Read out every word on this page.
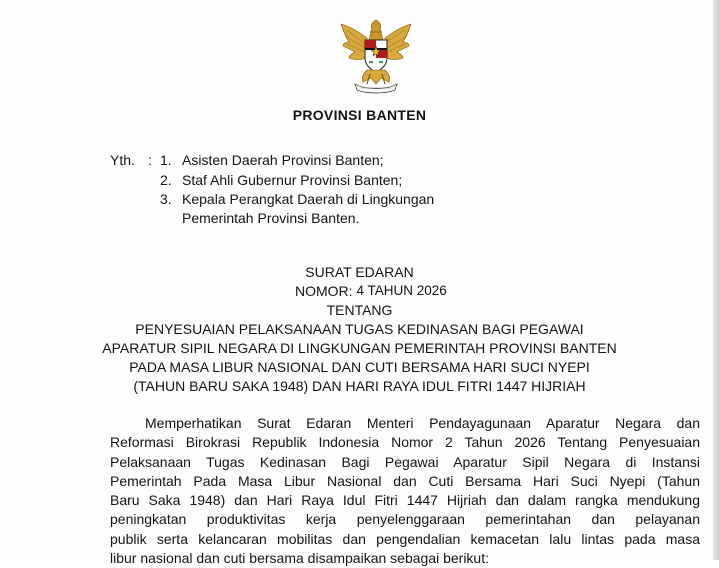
PROVINSI BANTEN
Yth. : 1. Asisten Daerah Provinsi Banten;
2. Staf Ahli Gubernur Provinsi Banten;
3. Kepala Perangkat Daerah di Lingkungan
Pemerintah Provinsi Banten.
SURAT EDARAN
NOMOR: 4 TAHUN 2026
TENTANG
PENYESUAIAN PELAKSANAAN TUGAS KEDINASAN BAGI PEGAWAI
APARATUR SIPIL NEGARA DI LINGKUNGAN PEMERINTAH PROVINSI BANTEN
PADA MASA LIBUR NASIONAL DAN CUTI BERSAMA HARI SUCI NYEPI
(TAHUN BARU SAKA 1948) DAN HARI RAYA IDUL FITRI 1447 HIJRIAH
Memperhatikan Surat Edaran Menteri Pendayagunaan Aparatur Negara dan
Reformasi Birokrasi Republik Indonesia Nomor 2 Tahun 2026 Tentang Penyesuaian
Pelaksanaan Tugas Kedinasan Bagi Pegawai Aparatur Sipil Negara di Instansi
Pemerintah Pada Masa Libur Nasional dan Cuti Bersama Hari Suci Nyepi (Tahun
Baru Saka 1948) dan Hari Raya Idul Fitri 1447 Hijriah dan dalam rangka mendukung
peningkatan produktivitas kerja penyelenggaraan pemerintahan dan pelayanan
publik serta kelancaran mobilitas dan pengendalian kemacetan lalu lintas pada masa
libur nasional dan cuti bersama disampaikan sebagai berikut:
